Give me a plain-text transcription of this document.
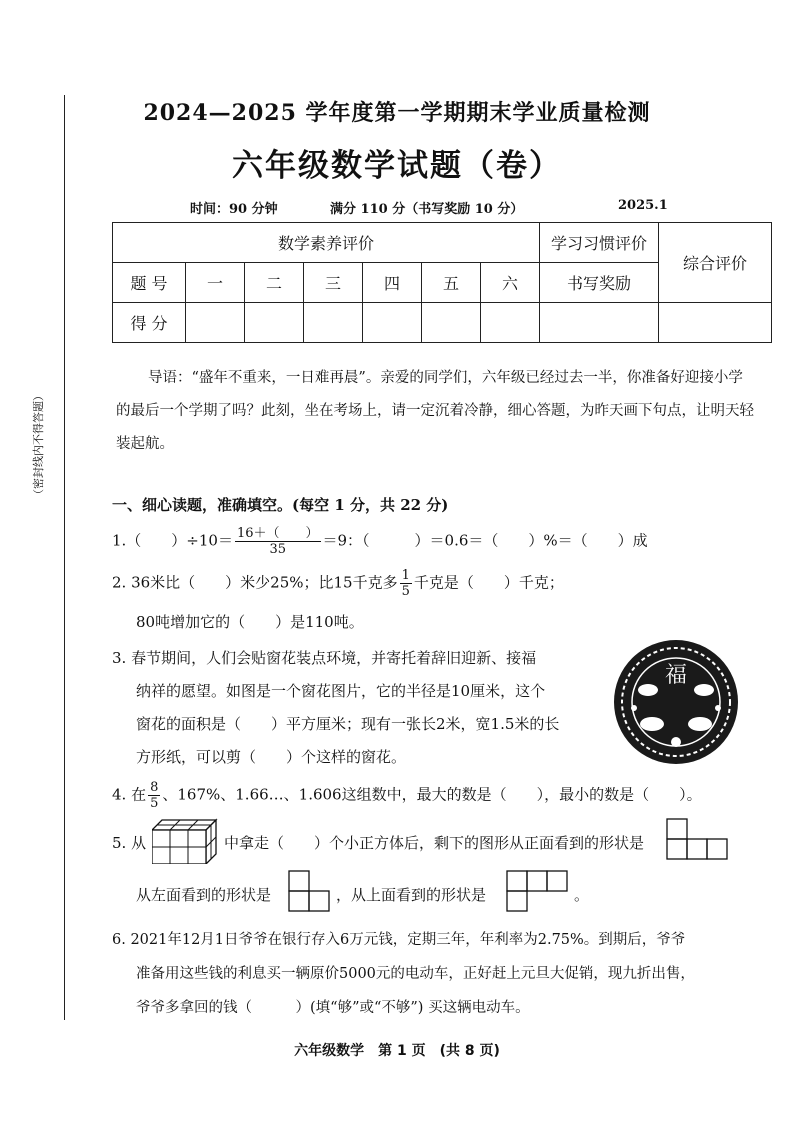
（密封线内不得答题）
2024—2025 学年度第一学期期末学业质量检测
六年级数学试题（卷）
时间：90 分钟	满分 110 分（书写奖励 10 分）	2025.1
数学素养评价							学习习惯评价	综合评价
题 号	一	二	三	四	五	六	书写奖励	
得 分								
导语：“盛年不重来，一日难再晨”。亲爱的同学们，六年级已经过去一半，你准备好迎接小学的最后一个学期了吗？此刻，坐在考场上，请一定沉着冷静，细心答题，为昨天画下句点，让明天轻装起航。
一、细心读题，准确填空。(每空 1 分，共 22 分)
1.（　　）$\div 10= \frac{16+( )}{35} =9$：（　　　）＝0.6＝（　　）%＝（　　）成
2. 36米比（　　）米少25%；比15千克多 $\frac{1}{5}$ 千克是（　　）千克；
80吨增加它的（　　）是110吨。
3. 春节期间，人们会贴窗花装点环境，并寄托着辞旧迎新、接福
纳祥的愿望。如图是一个窗花图片，它的半径是10厘米，这个
窗花的面积是（　　）平方厘米；现有一张长2米，宽1.5米的长
方形纸，可以剪（　　）个这样的窗花。
福
4. 在 $\frac{8}{5}$ 、167%、1.66…、1.606这组数中，最大的数是（　　），最小的数是（　　）。
5. 从	中拿走（　　）个小正方体后，剩下的图形从正面看到的形状是
从左面看到的形状是	，从上面看到的形状是	。
6. 2021年12月1日爷爷在银行存入6万元钱，定期三年，年利率为2.75%。到期后，爷爷
准备用这些钱的利息买一辆原价5000元的电动车，正好赶上元旦大促销，现九折出售，
爷爷多拿回的钱（　　　）(填“够”或“不够”) 买这辆电动车。
六年级数学　第 1 页　(共 8 页)
